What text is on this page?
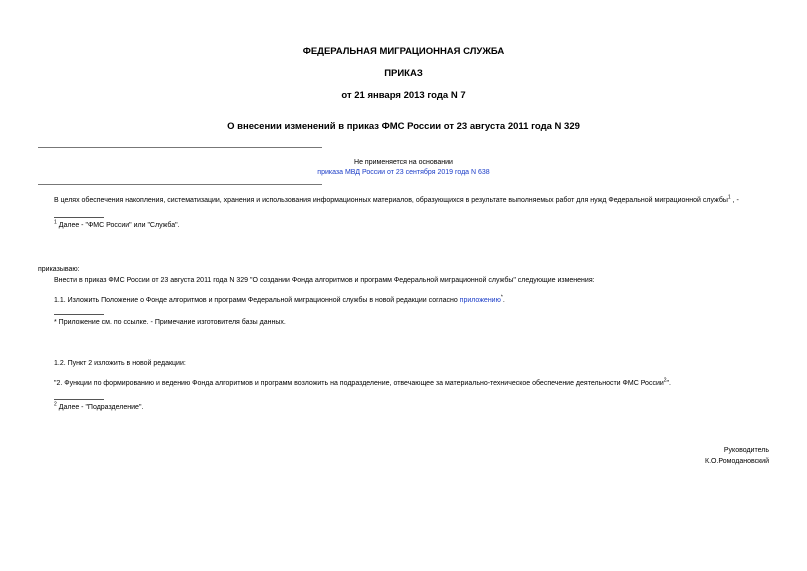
ФЕДЕРАЛЬНАЯ МИГРАЦИОННАЯ СЛУЖБА
ПРИКАЗ
от 21 января 2013 года N 7
О внесении изменений в приказ ФМС России от 23 августа 2011 года N 329
Не применяется на основании
приказа МВД России от 23 сентября 2019 года N 638
В целях обеспечения накопления, систематизации, хранения и использования информационных материалов, образующихся в результате выполняемых работ для нужд Федеральной миграционной службы$^1$ , -
$^1$ Далее - "ФМС России" или "Служба".
приказываю:
Внести в приказ ФМС России от 23 августа 2011 года N 329 "О создании Фонда алгоритмов и программ Федеральной миграционной службы" следующие изменения:
1.1. Изложить Положение о Фонде алгоритмов и программ Федеральной миграционной службы в новой редакции согласно приложению*.
* Приложение см. по ссылке. - Примечание изготовителя базы данных.
1.2. Пункт 2 изложить в новой редакции:
"2. Функции по формированию и ведению Фонда алгоритмов и программ возложить на подразделение, отвечающее за материально-техническое обеспечение деятельности ФМС России$^2$".
$^2$ Далее - "Подразделение".
Руководитель
К.О.Ромодановский
